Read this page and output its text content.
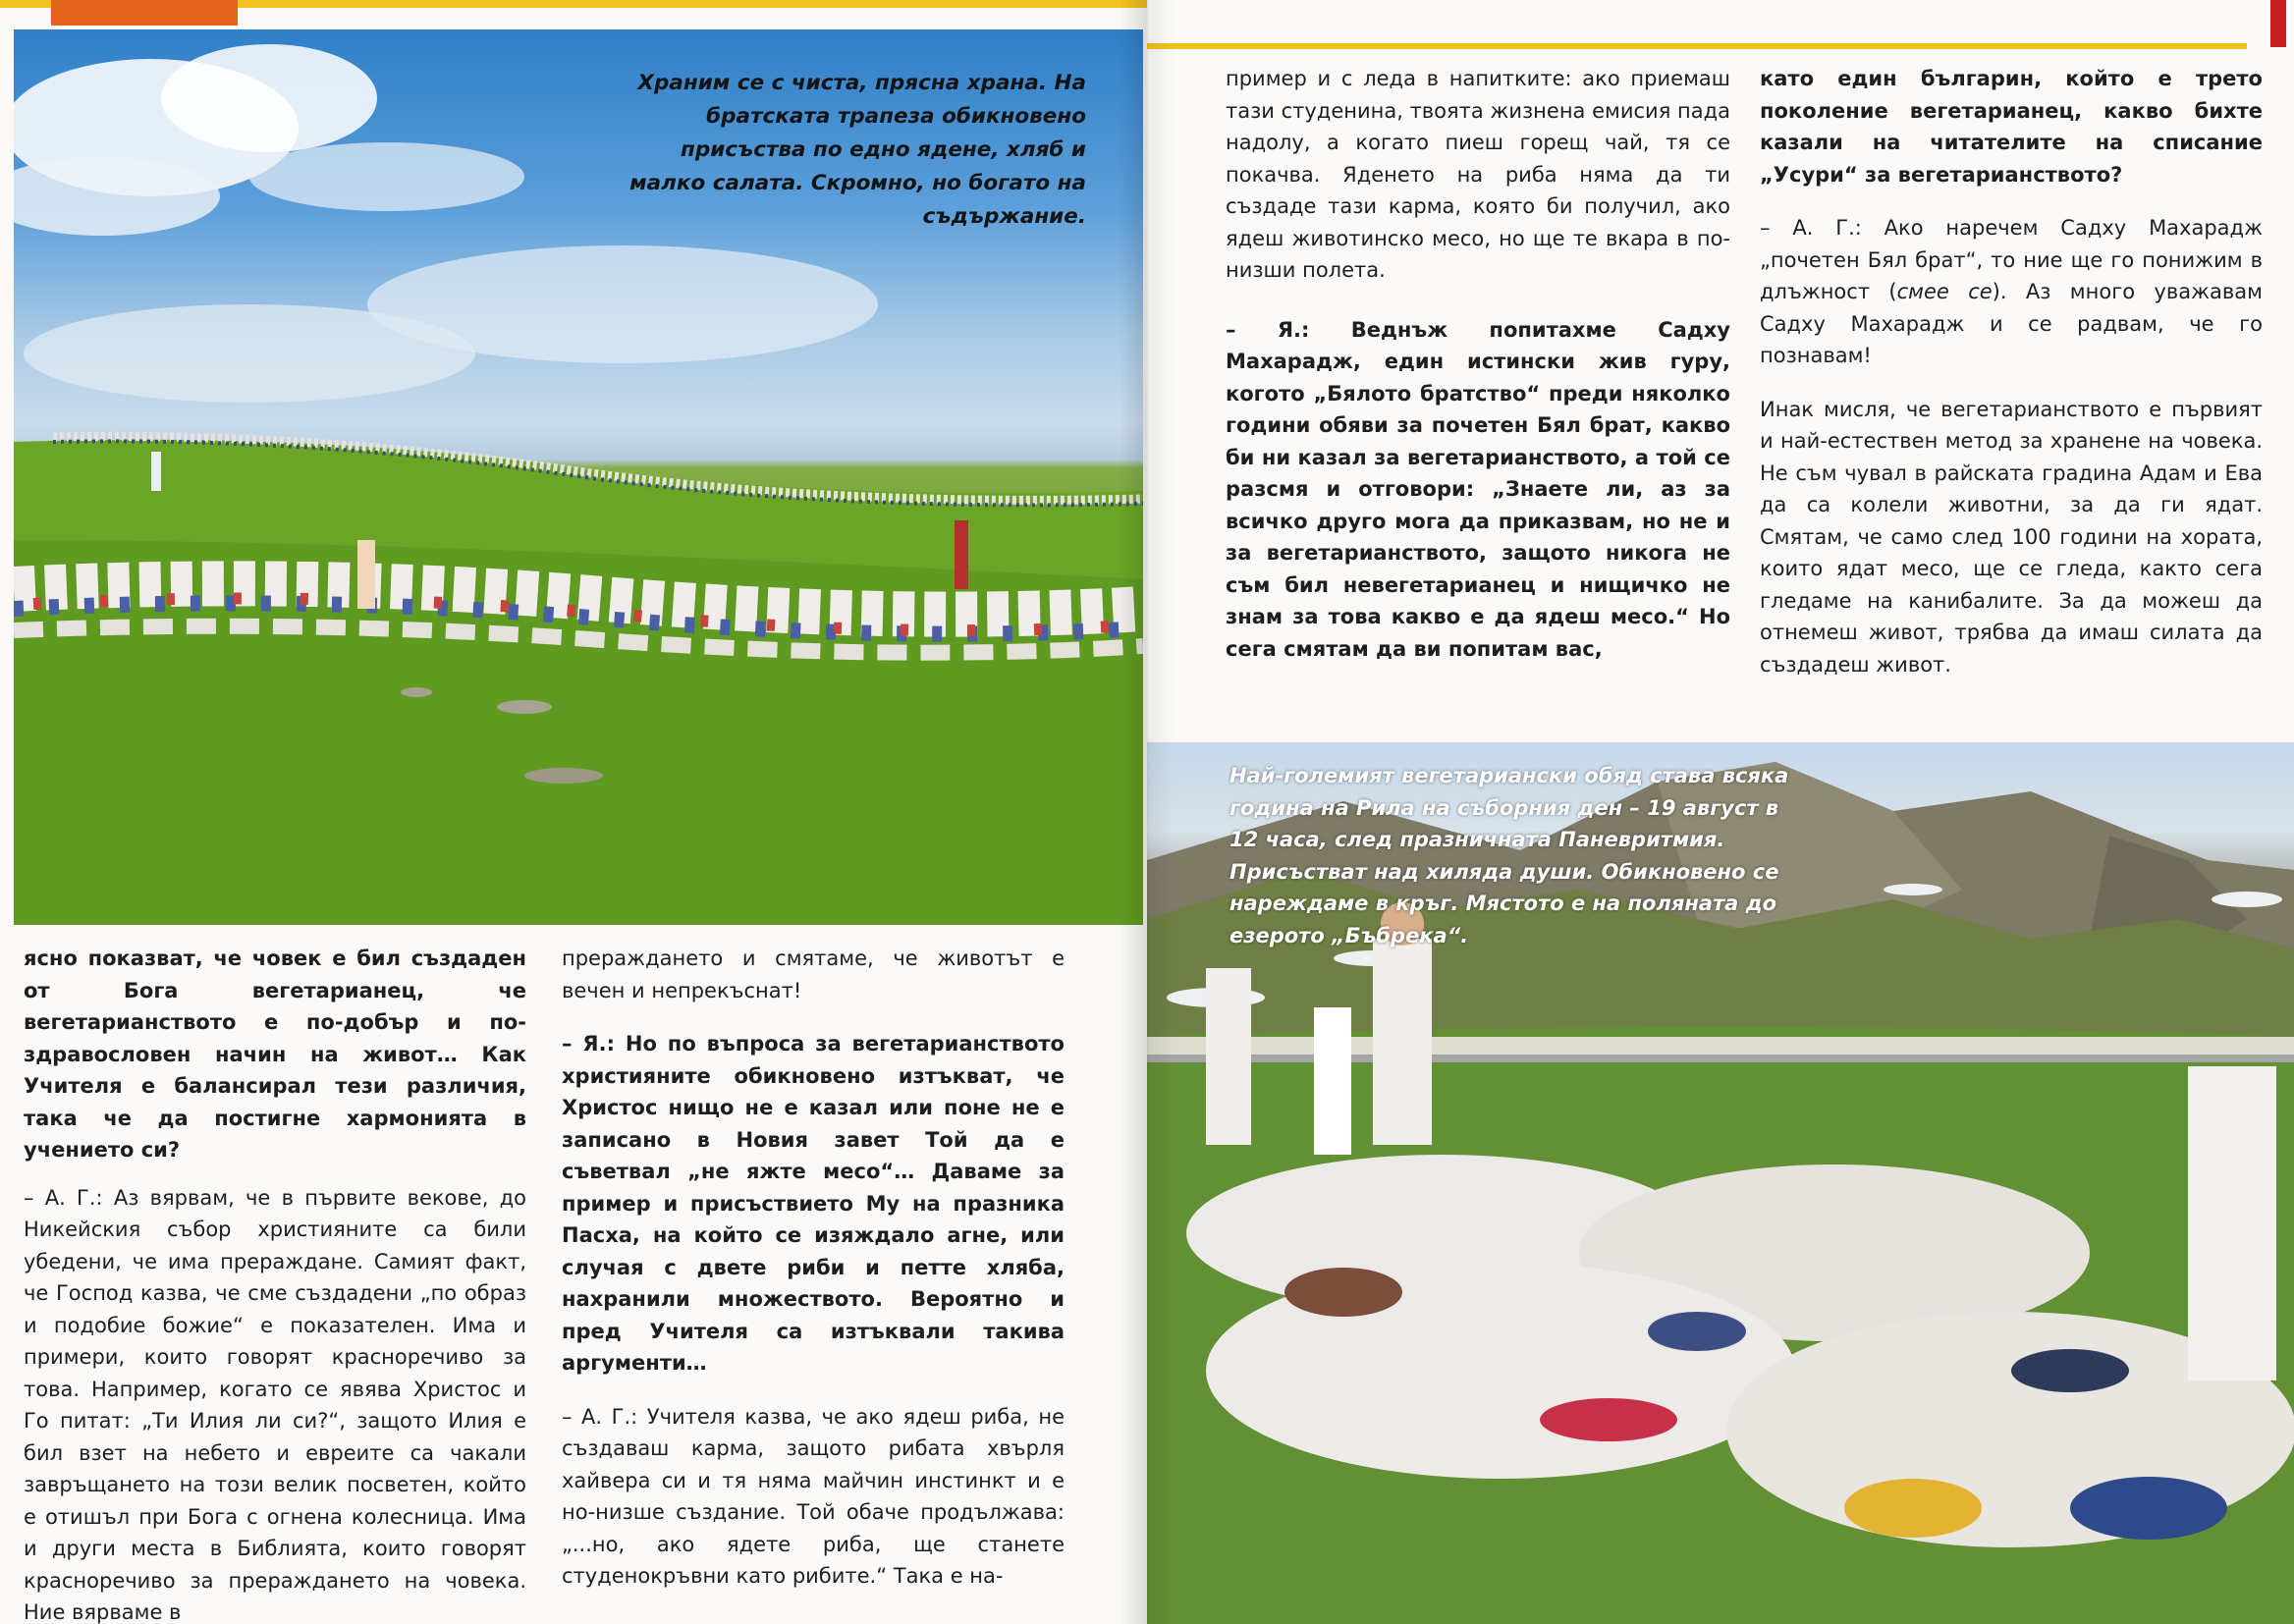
Храним се с чиста, прясна храна. На братската трапеза обикновено присъства по едно ядене, хляб и малко салата. Скромно, но богато на съдържание.

ясно показват, че човек е бил създаден от Бога вегетарианец, че вегетарианството е по-добър и по-здравословен начин на живот… Как Учителя е балансирал тези различия, така че да постигне хармонията в учението си?

– А. Г.: Аз вярвам, че в първите векове, до Никейския събор християните са били убедени, че има прераждане. Самият факт, че Господ казва, че сме създадени „по образ и подобие божие“ е показателен. Има и примери, които говорят красноречиво за това. Например, когато се явява Христос и Го питат: „Ти Илия ли си?“, защото Илия е бил взет на небето и евреите са чакали завръщането на този велик посветен, който е отишъл при Бога с огнена колесница. Има и други места в Библията, които говорят красноречиво за прераждането на човека. Ние вярваме в

прераждането и смятаме, че животът е вечен и непрекъснат!

– Я.: Но по въпроса за вегетарианството християните обикновено изтъкват, че Христос нищо не е казал или поне не е записано в Новия завет Той да е съветвал „не яжте месо“… Даваме за пример и присъствието Му на празника Пасха, на който се изяждало агне, или случая с двете риби и петте хляба, нахранили множеството. Вероятно и пред Учителя са изтъквали такива аргументи…

– А. Г.: Учителя казва, че ако ядеш риба, не създаваш карма, защото рибата хвърля хайвера си и тя няма майчин инстинкт и е но-низше създание. Той обаче продължава: „...но, ако ядете риба, ще станете студенокръвни като рибите.“ Така е на-

пример и с леда в напитките: ако приемаш тази студенина, твоята жизнена емисия пада надолу, а когато пиеш горещ чай, тя се покачва. Яденето на риба няма да ти създаде тази карма, която би получил, ако ядеш животинско месо, но ще те вкара в по-низши полета.

– Я.: Веднъж попитахме Садху Махарадж, един истински жив гуру, когото „Бялото братство“ преди няколко години обяви за почетен Бял брат, какво би ни казал за вегетарианството, а той се разсмя и отговори: „Знаете ли, аз за всичко друго мога да приказвам, но не и за вегетарианството, защото никога не съм бил невегетарианец и нищичко не знам за това какво е да ядеш месо.“ Но сега смятам да ви попитам вас,

като един българин, който е трето поколение вегетарианец, какво бихте казали на читателите на списание „Усури“ за вегетарианството?

– А. Г.: Ако наречем Садху Махарадж „почетен Бял брат“, то ние ще го понижим в длъжност (смее се). Аз много уважавам Садху Махарадж и се радвам, че го познавам!

Инак мисля, че вегетарианството е първият и най-естествен метод за хранене на човека. Не съм чувал в райската градина Адам и Ева да са колели животни, за да ги ядат. Смятам, че само след 100 години на хората, които ядат месо, ще се гледа, както сега гледаме на канибалите. За да можеш да отнемеш живот, трябва да имаш силата да създадеш живот.

Най-големият вегетариански обяд става всяка година на Рила на съборния ден – 19 август в 12 часа, след празничната Паневритмия. Присъстват над хиляда души. Обикновено се нареждаме в кръг. Мястото е на поляната до езерото „Бъбрека“.
